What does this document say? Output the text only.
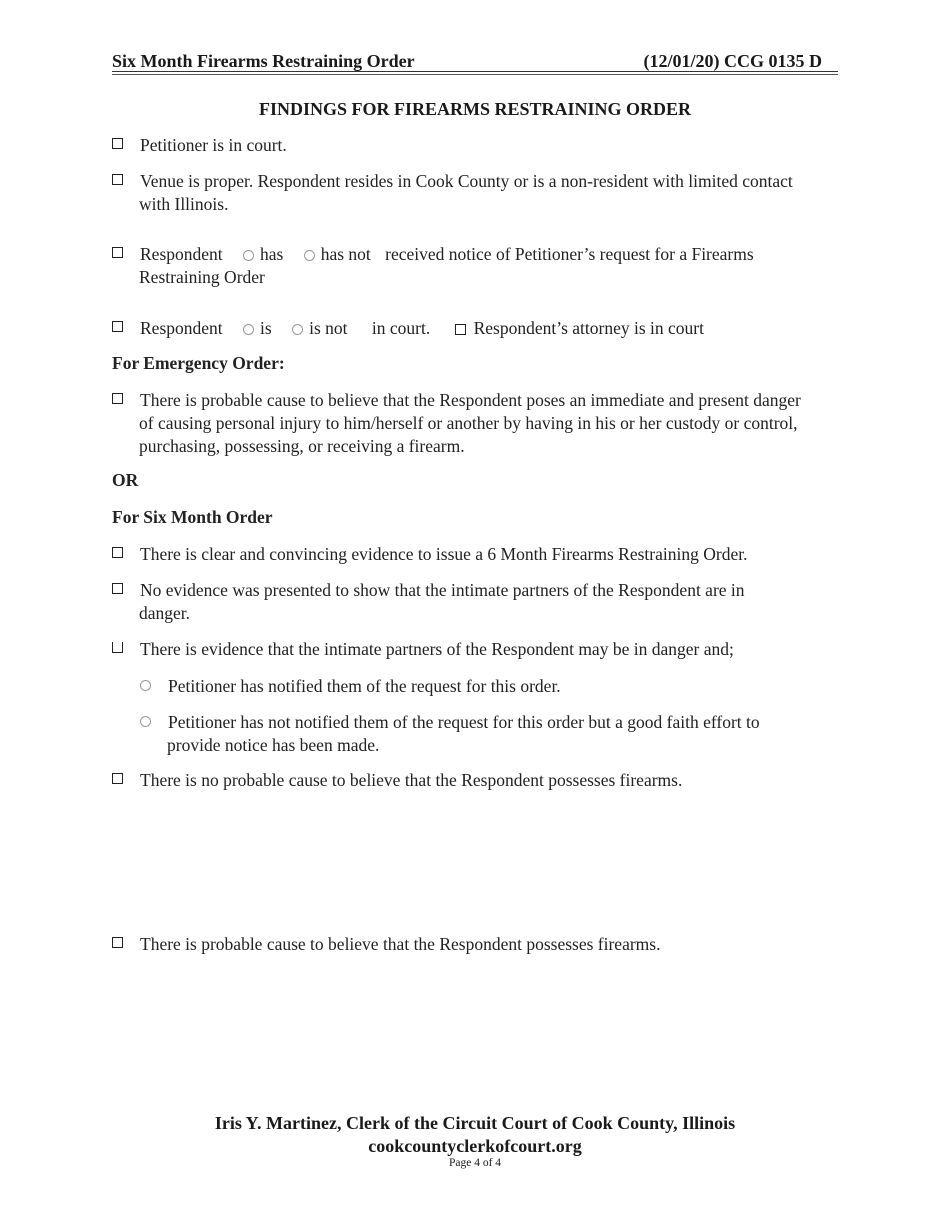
Six Month Firearms Restraining Order	(12/01/20) CCG 0135 D
FINDINGS FOR FIREARMS RESTRAINING ORDER
Petitioner is in court.
Venue is proper. Respondent resides in Cook County or is a non-resident with limited contact
with Illinois.
Respondent has has not received notice of Petitioner’s request for a Firearms
Restraining Order
Respondent is is not in court. Respondent’s attorney is in court
For Emergency Order:
There is probable cause to believe that the Respondent poses an immediate and present danger
of causing personal injury to him/herself or another by having in his or her custody or control,
purchasing, possessing, or receiving a firearm.
OR
For Six Month Order
There is clear and convincing evidence to issue a 6 Month Firearms Restraining Order.
No evidence was presented to show that the intimate partners of the Respondent are in
danger.
There is evidence that the intimate partners of the Respondent may be in danger and;
Petitioner has notified them of the request for this order.
Petitioner has not notified them of the request for this order but a good faith effort to
provide notice has been made.
There is no probable cause to believe that the Respondent possesses firearms.
There is probable cause to believe that the Respondent possesses firearms.
Iris Y. Martinez, Clerk of the Circuit Court of Cook County, Illinois
cookcountyclerkofcourt.org
Page 4 of 4
